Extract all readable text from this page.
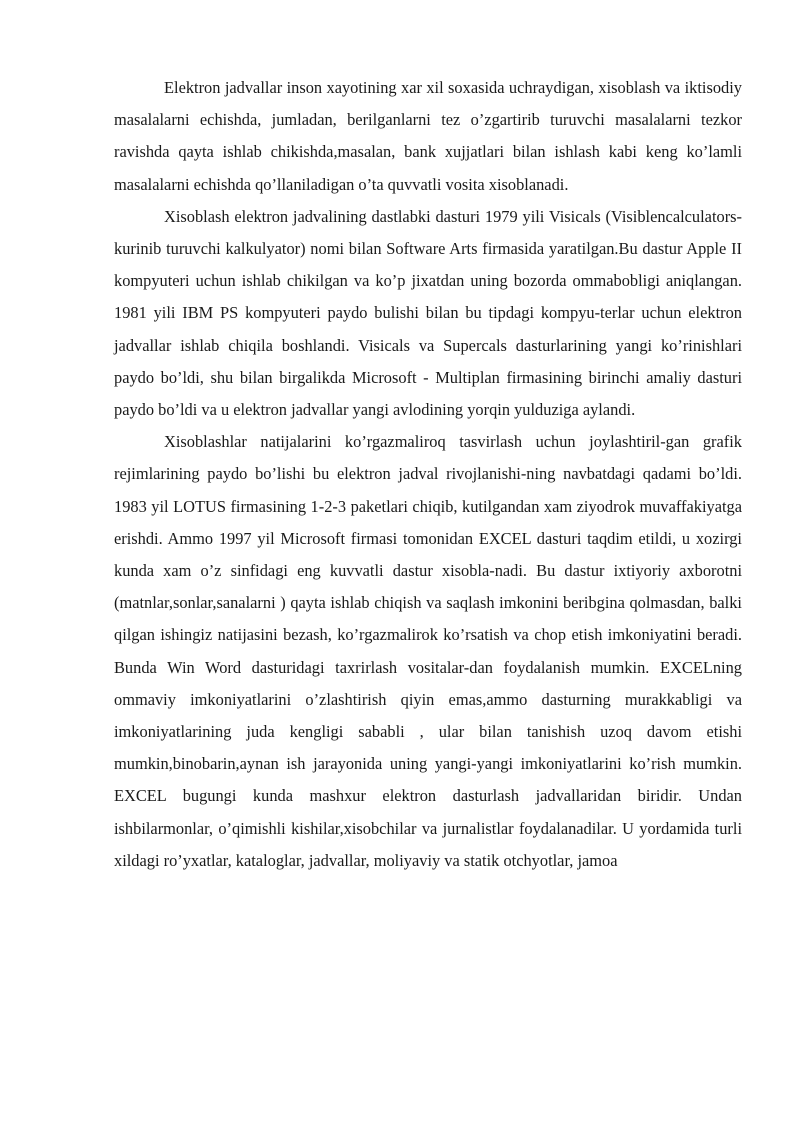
Elektron jadvallar inson xayotining xar xil soxasida uchraydigan, xisoblash va iktisodiy masalalarni echishda, jumladan, berilganlarni tez o’zgartirib turuvchi masalalarni tezkor ravishda qayta ishlab chikishda,masalan, bank xujjatlari bilan ishlash kabi keng ko’lamli masalalarni echishda qo’llaniladigan o’ta quvvatli vosita xisoblanadi.

Xisoblash elektron jadvalining dastlabki dasturi 1979 yili Visicals (Visiblencalculators-kurinib turuvchi kalkulyator) nomi bilan Software Arts firmasida yaratilgan.Bu dastur Apple II kompyuteri uchun ishlab chikilgan va ko’p jixatdan uning bozorda ommabobligi aniqlangan. 1981 yili IBM PS kompyuteri paydo bulishi bilan bu tipdagi kompyu-terlar uchun elektron jadvallar ishlab chiqila boshlandi. Visicals va Supercals dasturlarining yangi ko’rinishlari paydo bo’ldi, shu bilan birgalikda Microsoft - Multiplan firmasining birinchi amaliy dasturi paydo bo’ldi va u elektron jadvallar yangi avlodining yorqin yulduziga aylandi.

Xisoblashlar natijalarini ko’rgazmaliroq tasvirlash uchun joylashtiril-gan grafik rejimlarining paydo bo’lishi bu elektron jadval rivojlanishi-ning navbatdagi qadami bo’ldi. 1983 yil LOTUS firmasining 1-2-3 paketlari chiqib, kutilgandan xam ziyodrok muvaffakiyatga erishdi. Ammo 1997 yil Microsoft firmasi tomonidan EXCEL dasturi taqdim etildi, u xozirgi kunda xam o’z sinfidagi eng kuvvatli dastur xisobla-nadi. Bu dastur ixtiyoriy axborotni (matnlar,sonlar,sanalarni ) qayta ishlab chiqish va saqlash imkonini beribgina qolmasdan, balki qilgan ishingiz natijasini bezash, ko’rgazmalirok ko’rsatish va chop etish imkoniyatini beradi. Bunda Win Word dasturidagi taxrirlash vositalar-dan foydalanish mumkin. EXCELning ommaviy imkoniyatlarini o’zlashtirish qiyin emas,ammo dasturning murakkabligi va imkoniyatlarining juda kengligi sababli , ular bilan tanishish uzoq davom etishi mumkin,binobarin,aynan ish jarayonida uning yangi-yangi imkoniyatlarini ko’rish mumkin. EXCEL bugungi kunda mashxur elektron dasturlash jadvallaridan biridir. Undan ishbilarmonlar, o’qimishli kishilar,xisobchilar va jurnalistlar foydalanadilar. U yordamida turli xildagi ro’yxatlar, kataloglar, jadvallar, moliyaviy va statik otchyotlar, jamoa
